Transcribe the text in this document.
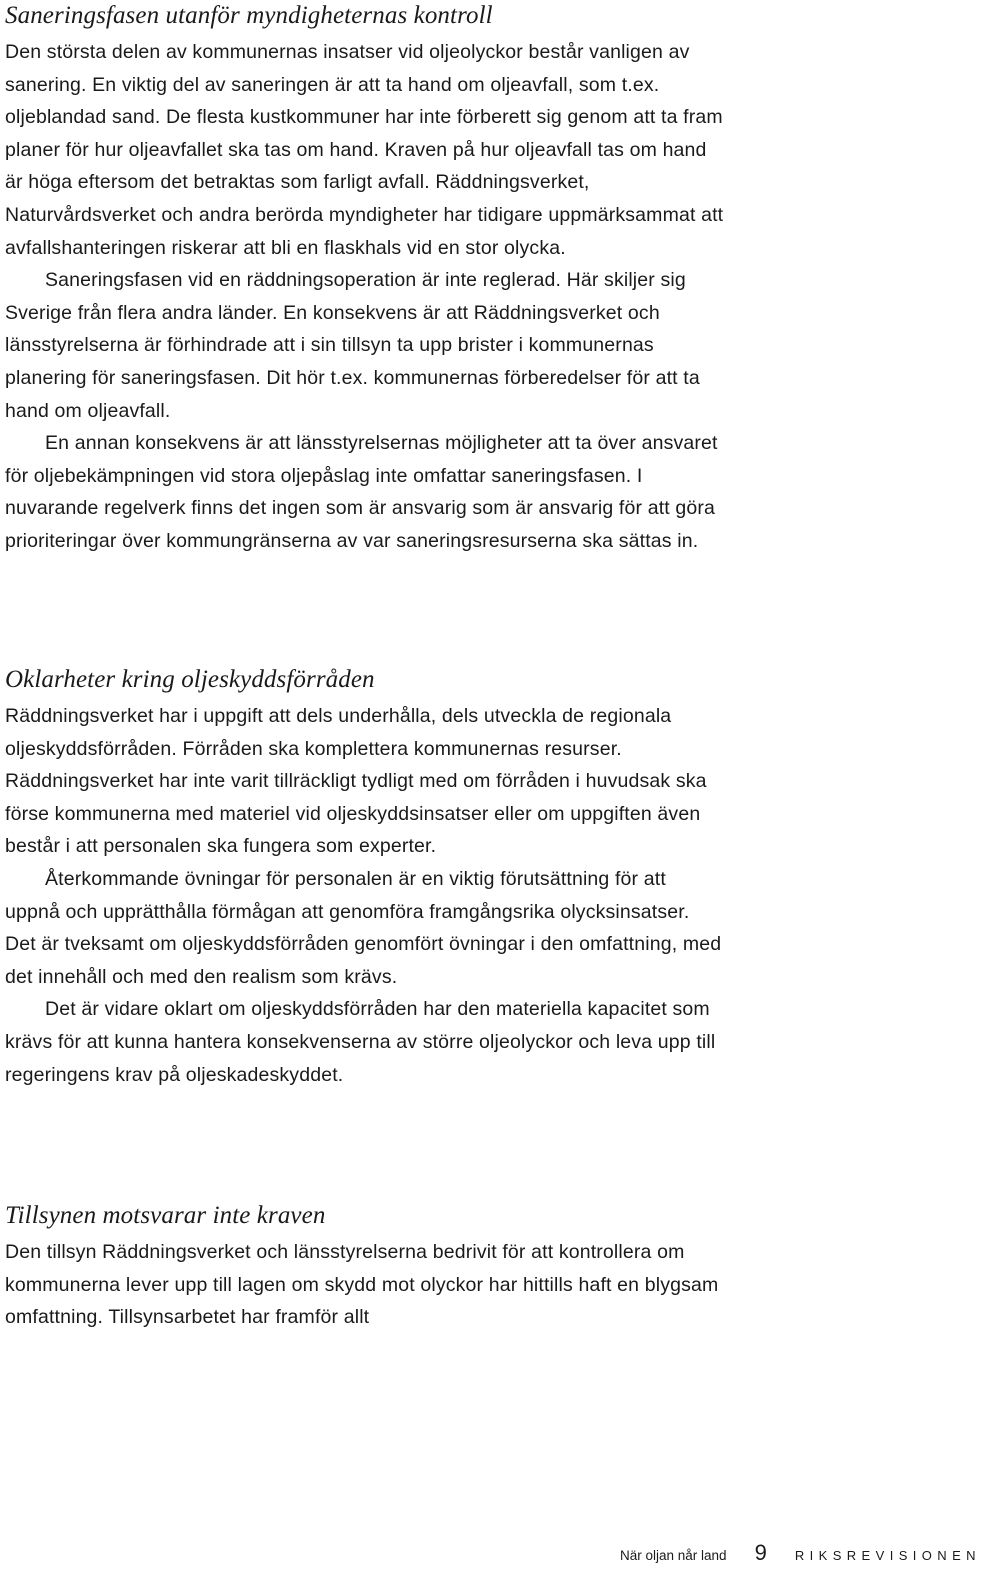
Saneringsfasen utanför myndigheternas kontroll

Den största delen av kommunernas insatser vid oljeolyckor består vanligen av sanering. En viktig del av saneringen är att ta hand om oljeavfall, som t.ex. oljeblandad sand. De flesta kustkommuner har inte förberett sig genom att ta fram planer för hur oljeavfallet ska tas om hand. Kraven på hur oljeavfall tas om hand är höga eftersom det betraktas som farligt avfall. Räddningsverket, Naturvårdsverket och andra berörda myndigheter har tidigare uppmärksammat att avfallshanteringen riskerar att bli en flaskhals vid en stor olycka.

Saneringsfasen vid en räddningsoperation är inte reglerad. Här skiljer sig Sverige från flera andra länder. En konsekvens är att Räddningsverket och länsstyrelserna är förhindrade att i sin tillsyn ta upp brister i kommunernas planering för saneringsfasen. Dit hör t.ex. kommunernas förberedelser för att ta hand om oljeavfall.

En annan konsekvens är att länsstyrelsernas möjligheter att ta över ansvaret för oljebekämpningen vid stora oljepåslag inte omfattar saneringsfasen. I nuvarande regelverk finns det ingen som är ansvarig som är ansvarig för att göra prioriteringar över kommungränserna av var saneringsresurserna ska sättas in.

Oklarheter kring oljeskyddsförråden

Räddningsverket har i uppgift att dels underhålla, dels utveckla de regionala oljeskyddsförråden. Förråden ska komplettera kommunernas resurser. Räddningsverket har inte varit tillräckligt tydligt med om förråden i huvudsak ska förse kommunerna med materiel vid oljeskyddsinsatser eller om uppgiften även består i att personalen ska fungera som experter.

Återkommande övningar för personalen är en viktig förutsättning för att uppnå och upprätthålla förmågan att genomföra framgångsrika olycksinsatser. Det är tveksamt om oljeskyddsförråden genomfört övningar i den omfattning, med det innehåll och med den realism som krävs.

Det är vidare oklart om oljeskyddsförråden har den materiella kapacitet som krävs för att kunna hantera konsekvenserna av större oljeolyckor och leva upp till regeringens krav på oljeskadeskyddet.

Tillsynen motsvarar inte kraven

Den tillsyn Räddningsverket och länsstyrelserna bedrivit för att kontrollera om kommunerna lever upp till lagen om skydd mot olyckor har hittills haft en blygsam omfattning. Tillsynsarbetet har framför allt

När oljan når land 9 RIKSREVISIONEN
